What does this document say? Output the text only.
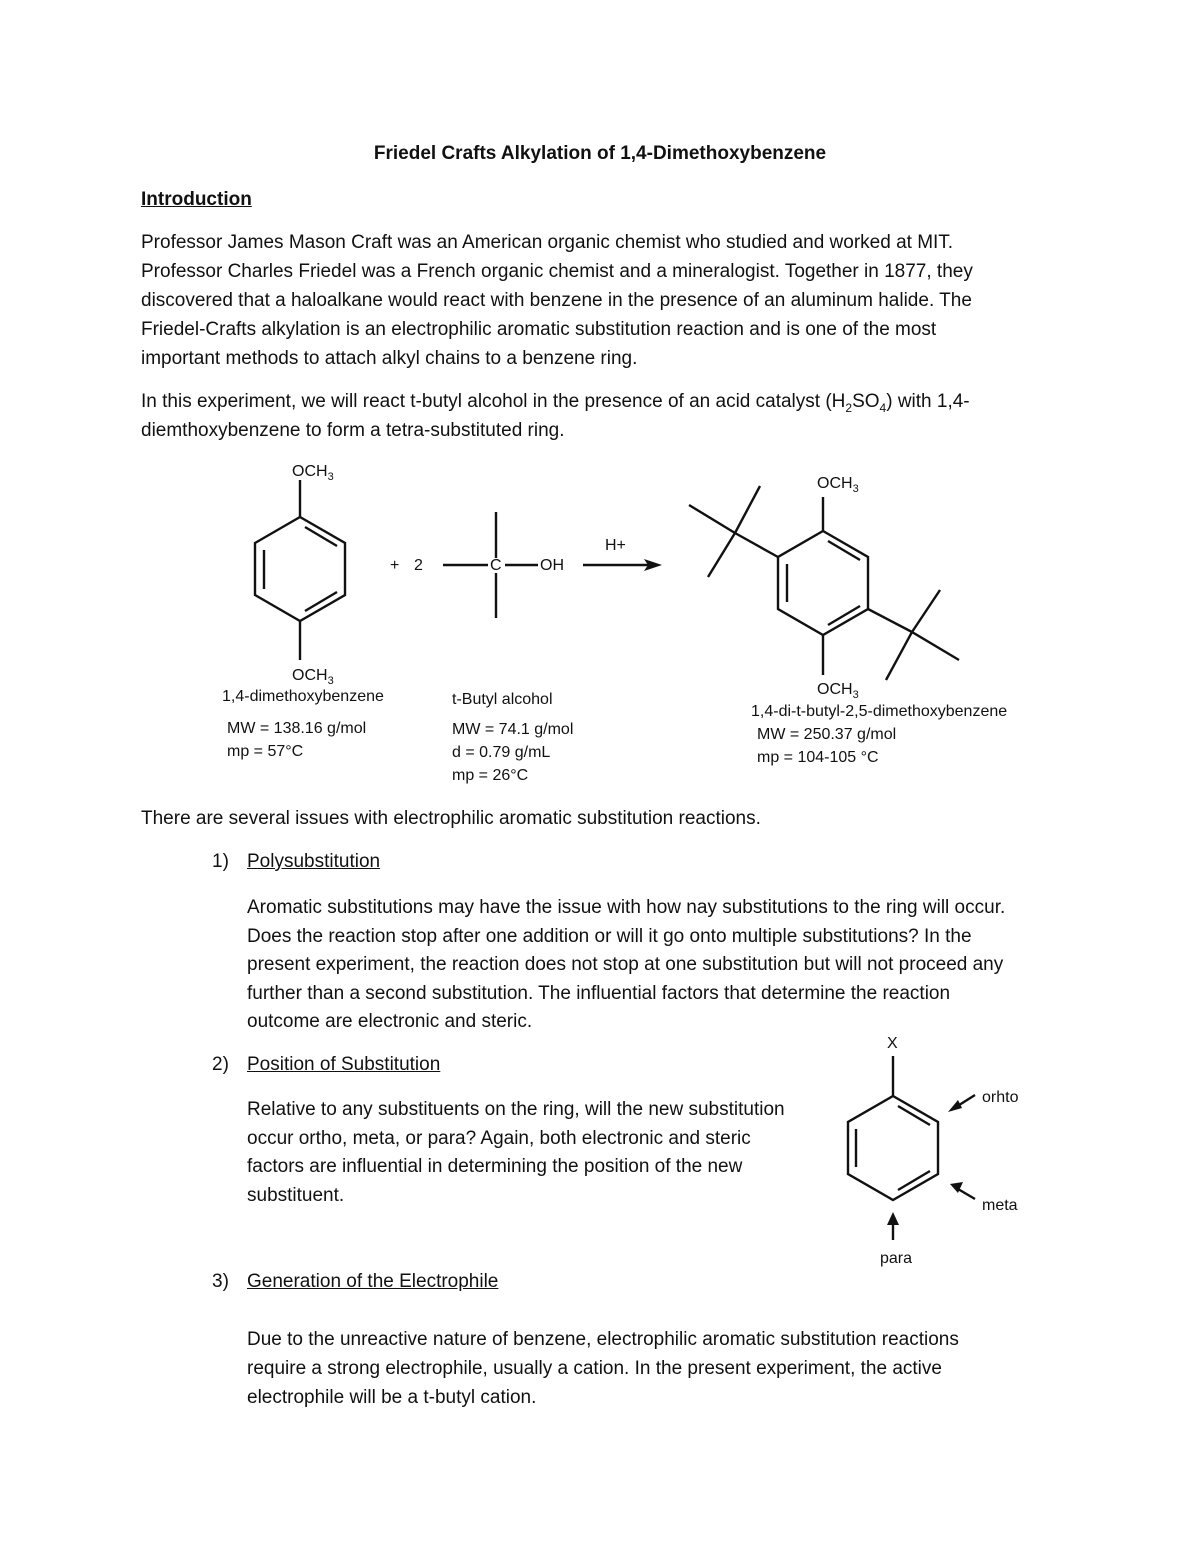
Friedel Crafts Alkylation of 1,4-Dimethoxybenzene
Introduction
Professor James Mason Craft was an American organic chemist who studied and worked at MIT.
Professor Charles Friedel was a French organic chemist and a mineralogist. Together in 1877, they
discovered that a haloalkane would react with benzene in the presence of an aluminum halide. The
Friedel-Crafts alkylation is an electrophilic aromatic substitution reaction and is one of the most
important methods to attach alkyl chains to a benzene ring.
In this experiment, we will react t-butyl alcohol in the presence of an acid catalyst $(H_2SO_4)$ with 1,4-
diemthoxybenzene to form a tetra-substituted ring.
$OCH_3$
$OCH_3$
+ 2	C OH
H+
$OCH_3$
$OCH_3$
1,4-dimethoxybenzene
MW = 138.16 g/mol
mp = 57°C
t-Butyl alcohol
MW = 74.1 g/mol
d = 0.79 g/mL
mp = 26°C
1,4-di-t-butyl-2,5-dimethoxybenzene
MW = 250.37 g/mol
mp = 104-105 °C
There are several issues with electrophilic aromatic substitution reactions.
1) Polysubstitution
Aromatic substitutions may have the issue with how nay substitutions to the ring will occur.
Does the reaction stop after one addition or will it go onto multiple substitutions? In the
present experiment, the reaction does not stop at one substitution but will not proceed any
further than a second substitution. The influential factors that determine the reaction
outcome are electronic and steric.
2) Position of Substitution
Relative to any substituents on the ring, will the new substitution
occur ortho, meta, or para? Again, both electronic and steric
factors are influential in determining the position of the new
substituent.
X
orhto
meta
para
3) Generation of the Electrophile
Due to the unreactive nature of benzene, electrophilic aromatic substitution reactions
require a strong electrophile, usually a cation. In the present experiment, the active
electrophile will be a t-butyl cation.
